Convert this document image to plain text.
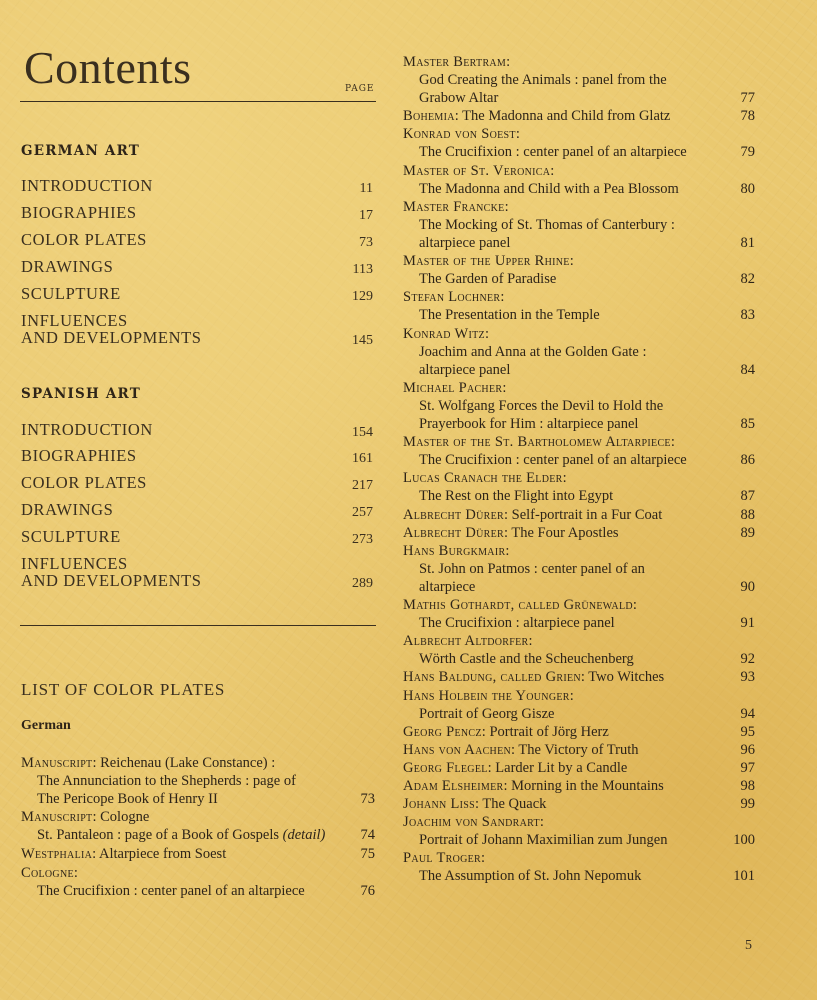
Contents	PAGE
GERMAN ART
INTRODUCTION	11
BIOGRAPHIES	17
COLOR PLATES	73
DRAWINGS	113
SCULPTURE	129
INFLUENCES
AND DEVELOPMENTS	145
SPANISH ART
INTRODUCTION	154
BIOGRAPHIES	161
COLOR PLATES	217
DRAWINGS	257
SCULPTURE	273
INFLUENCES
AND DEVELOPMENTS	289
LIST OF COLOR PLATES
German
Manuscript: Reichenau (Lake Constance) :
The Annunciation to the Shepherds : page of
The Pericope Book of Henry II	73
Manuscript: Cologne
St. Pantaleon : page of a Book of Gospels (detail)	74
Westphalia: Altarpiece from Soest	75
Cologne:
The Crucifixion : center panel of an altarpiece	76
Master Bertram:
God Creating the Animals : panel from the
Grabow Altar	77
Bohemia: The Madonna and Child from Glatz	78
Konrad von Soest:
The Crucifixion : center panel of an altarpiece	79
Master of St. Veronica:
The Madonna and Child with a Pea Blossom	80
Master Francke:
The Mocking of St. Thomas of Canterbury :
altarpiece panel	81
Master of the Upper Rhine:
The Garden of Paradise	82
Stefan Lochner:
The Presentation in the Temple	83
Konrad Witz:
Joachim and Anna at the Golden Gate :
altarpiece panel	84
Michael Pacher:
St. Wolfgang Forces the Devil to Hold the
Prayerbook for Him : altarpiece panel	85
Master of the St. Bartholomew Altarpiece:
The Crucifixion : center panel of an altarpiece	86
Lucas Cranach the Elder:
The Rest on the Flight into Egypt	87
Albrecht Dürer: Self-portrait in a Fur Coat	88
Albrecht Dürer: The Four Apostles	89
Hans Burgkmair:
St. John on Patmos : center panel of an
altarpiece	90
Mathis Gothardt, called Grünewald:
The Crucifixion : altarpiece panel	91
Albrecht Altdorfer:
Wörth Castle and the Scheuchenberg	92
Hans Baldung, called Grien: Two Witches	93
Hans Holbein the Younger:
Portrait of Georg Gisze	94
Georg Pencz: Portrait of Jörg Herz	95
Hans von Aachen: The Victory of Truth	96
Georg Flegel: Larder Lit by a Candle	97
Adam Elsheimer: Morning in the Mountains	98
Johann Liss: The Quack	99
Joachim von Sandrart:
Portrait of Johann Maximilian zum Jungen	100
Paul Troger:
The Assumption of St. John Nepomuk	101
5
